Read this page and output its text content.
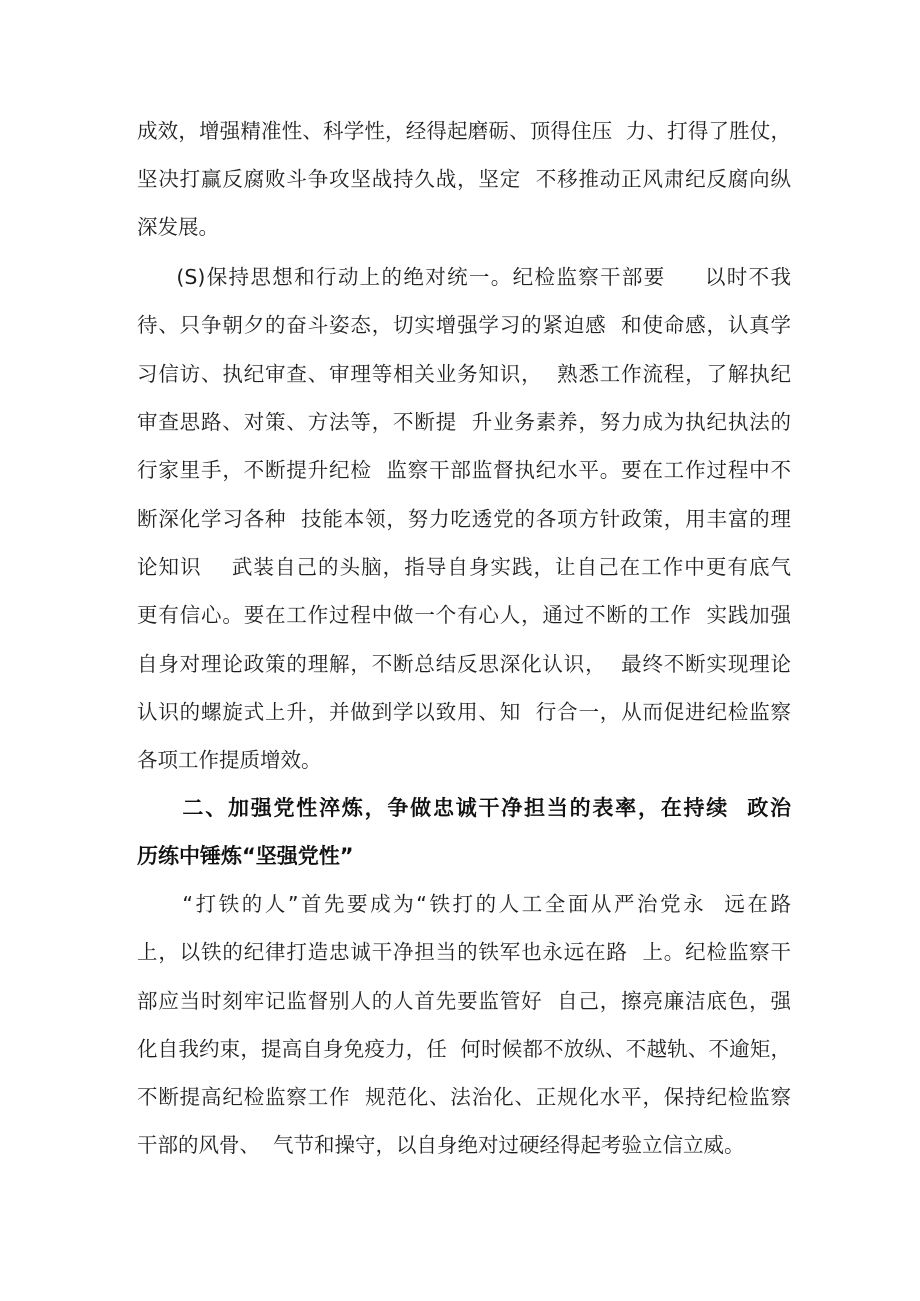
成效，增强精准性、科学性，经得起磨砺、顶得住压  力、打得了胜仗，
坚决打赢反腐败斗争攻坚战持久战，坚定  不移推动正风肃纪反腐向纵
深发展。
(S)保持思想和行动上的绝对统一。纪检监察干部要     以时不我
待、只争朝夕的奋斗姿态，切实增强学习的紧迫感  和使命感，认真学
习信访、执纪审查、审理等相关业务知识，  熟悉工作流程，了解执纪
审查思路、对策、方法等，不断提  升业务素养，努力成为执纪执法的
行家里手，不断提升纪检  监察干部监督执纪水平。要在工作过程中不
断深化学习各种  技能本领，努力吃透党的各项方针政策，用丰富的理
论知识    武装自己的头脑，指导自身实践，让自己在工作中更有底气
更有信心。要在工作过程中做一个有心人，通过不断的工作  实践加强
自身对理论政策的理解，不断总结反思深化认识，  最终不断实现理论
认识的螺旋式上升，并做到学以致用、知  行合一，从而促进纪检监察
各项工作提质增效。
二、加强党性淬炼，争做忠诚干净担当的表率，在持续  政治
历练中锤炼“坚强党性”
“打铁的人”首先要成为“铁打的人工全面从严治党永  远在路
上，以铁的纪律打造忠诚干净担当的铁军也永远在路  上。纪检监察干
部应当时刻牢记监督别人的人首先要监管好  自己，擦亮廉洁底色，强
化自我约束，提高自身免疫力，任  何时候都不放纵、不越轨、不逾矩，
不断提高纪检监察工作  规范化、法治化、正规化水平，保持纪检监察
干部的风骨、  气节和操守，以自身绝对过硬经得起考验立信立威。
